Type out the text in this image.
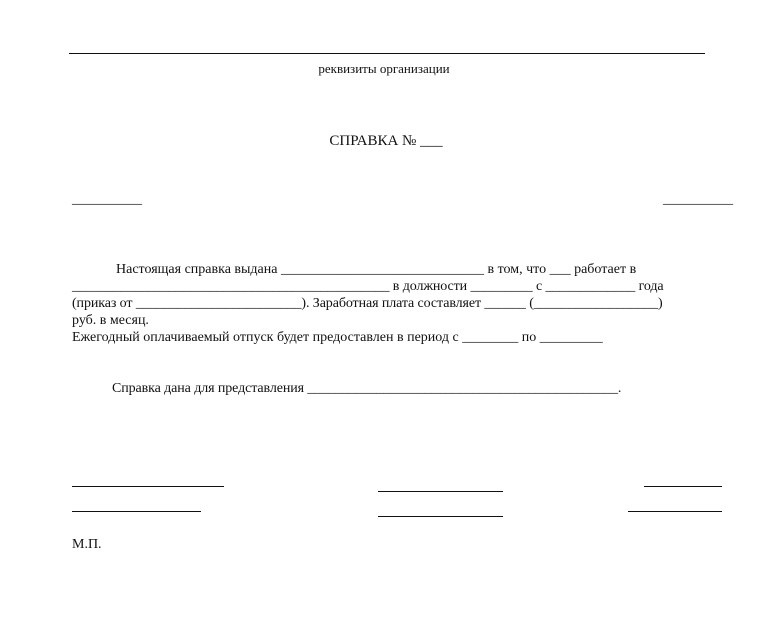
реквизиты организации
СПРАВКА № ___
__________	__________
Настоящая справка выдана _____________________________ в том, что ___ работает в
______________________________________________ в должности _________ с _____________ года
(приказ от ________________________). Заработная плата составляет ______ (__________________)
руб. в месяц.
Ежегодный оплачиваемый отпуск будет предоставлен в период с ________ по _________
Справка дана для представления _____________________________________________.
М.П.
